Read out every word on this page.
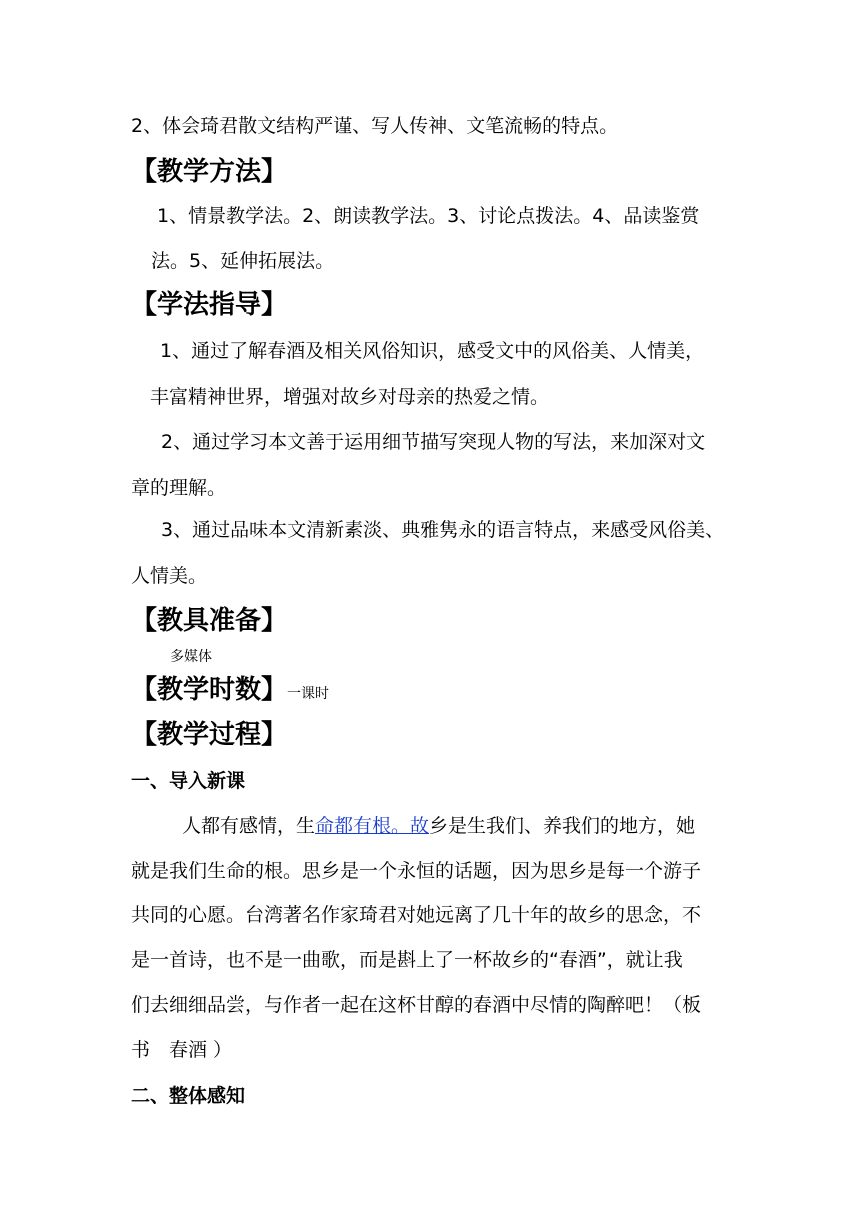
2、体会琦君散文结构严谨、写人传神、文笔流畅的特点。

【教学方法】

1、情景教学法。2、朗读教学法。3、讨论点拨法。4、品读鉴赏

法。5、延伸拓展法。

【学法指导】

1、通过了解春酒及相关风俗知识，感受文中的风俗美、人情美，

丰富精神世界，增强对故乡对母亲的热爱之情。

2、通过学习本文善于运用细节描写突现人物的写法，来加深对文

章的理解。

3、通过品味本文清新素淡、典雅隽永的语言特点，来感受风俗美、

人情美。

【教具准备】

多媒体

【教学时数】 一课时

【教学过程】

一、导入新课

人都有感情，生命都有根。故乡是生我们、养我们的地方，她

就是我们生命的根。思乡是一个永恒的话题，因为思乡是每一个游子

共同的心愿。台湾著名作家琦君对她远离了几十年的故乡的思念，不

是一首诗，也不是一曲歌，而是斟上了一杯故乡的“春酒”，就让我

们去细细品尝，与作者一起在这杯甘醇的春酒中尽情的陶醉吧！（板

书　春酒 ）

二、整体感知
